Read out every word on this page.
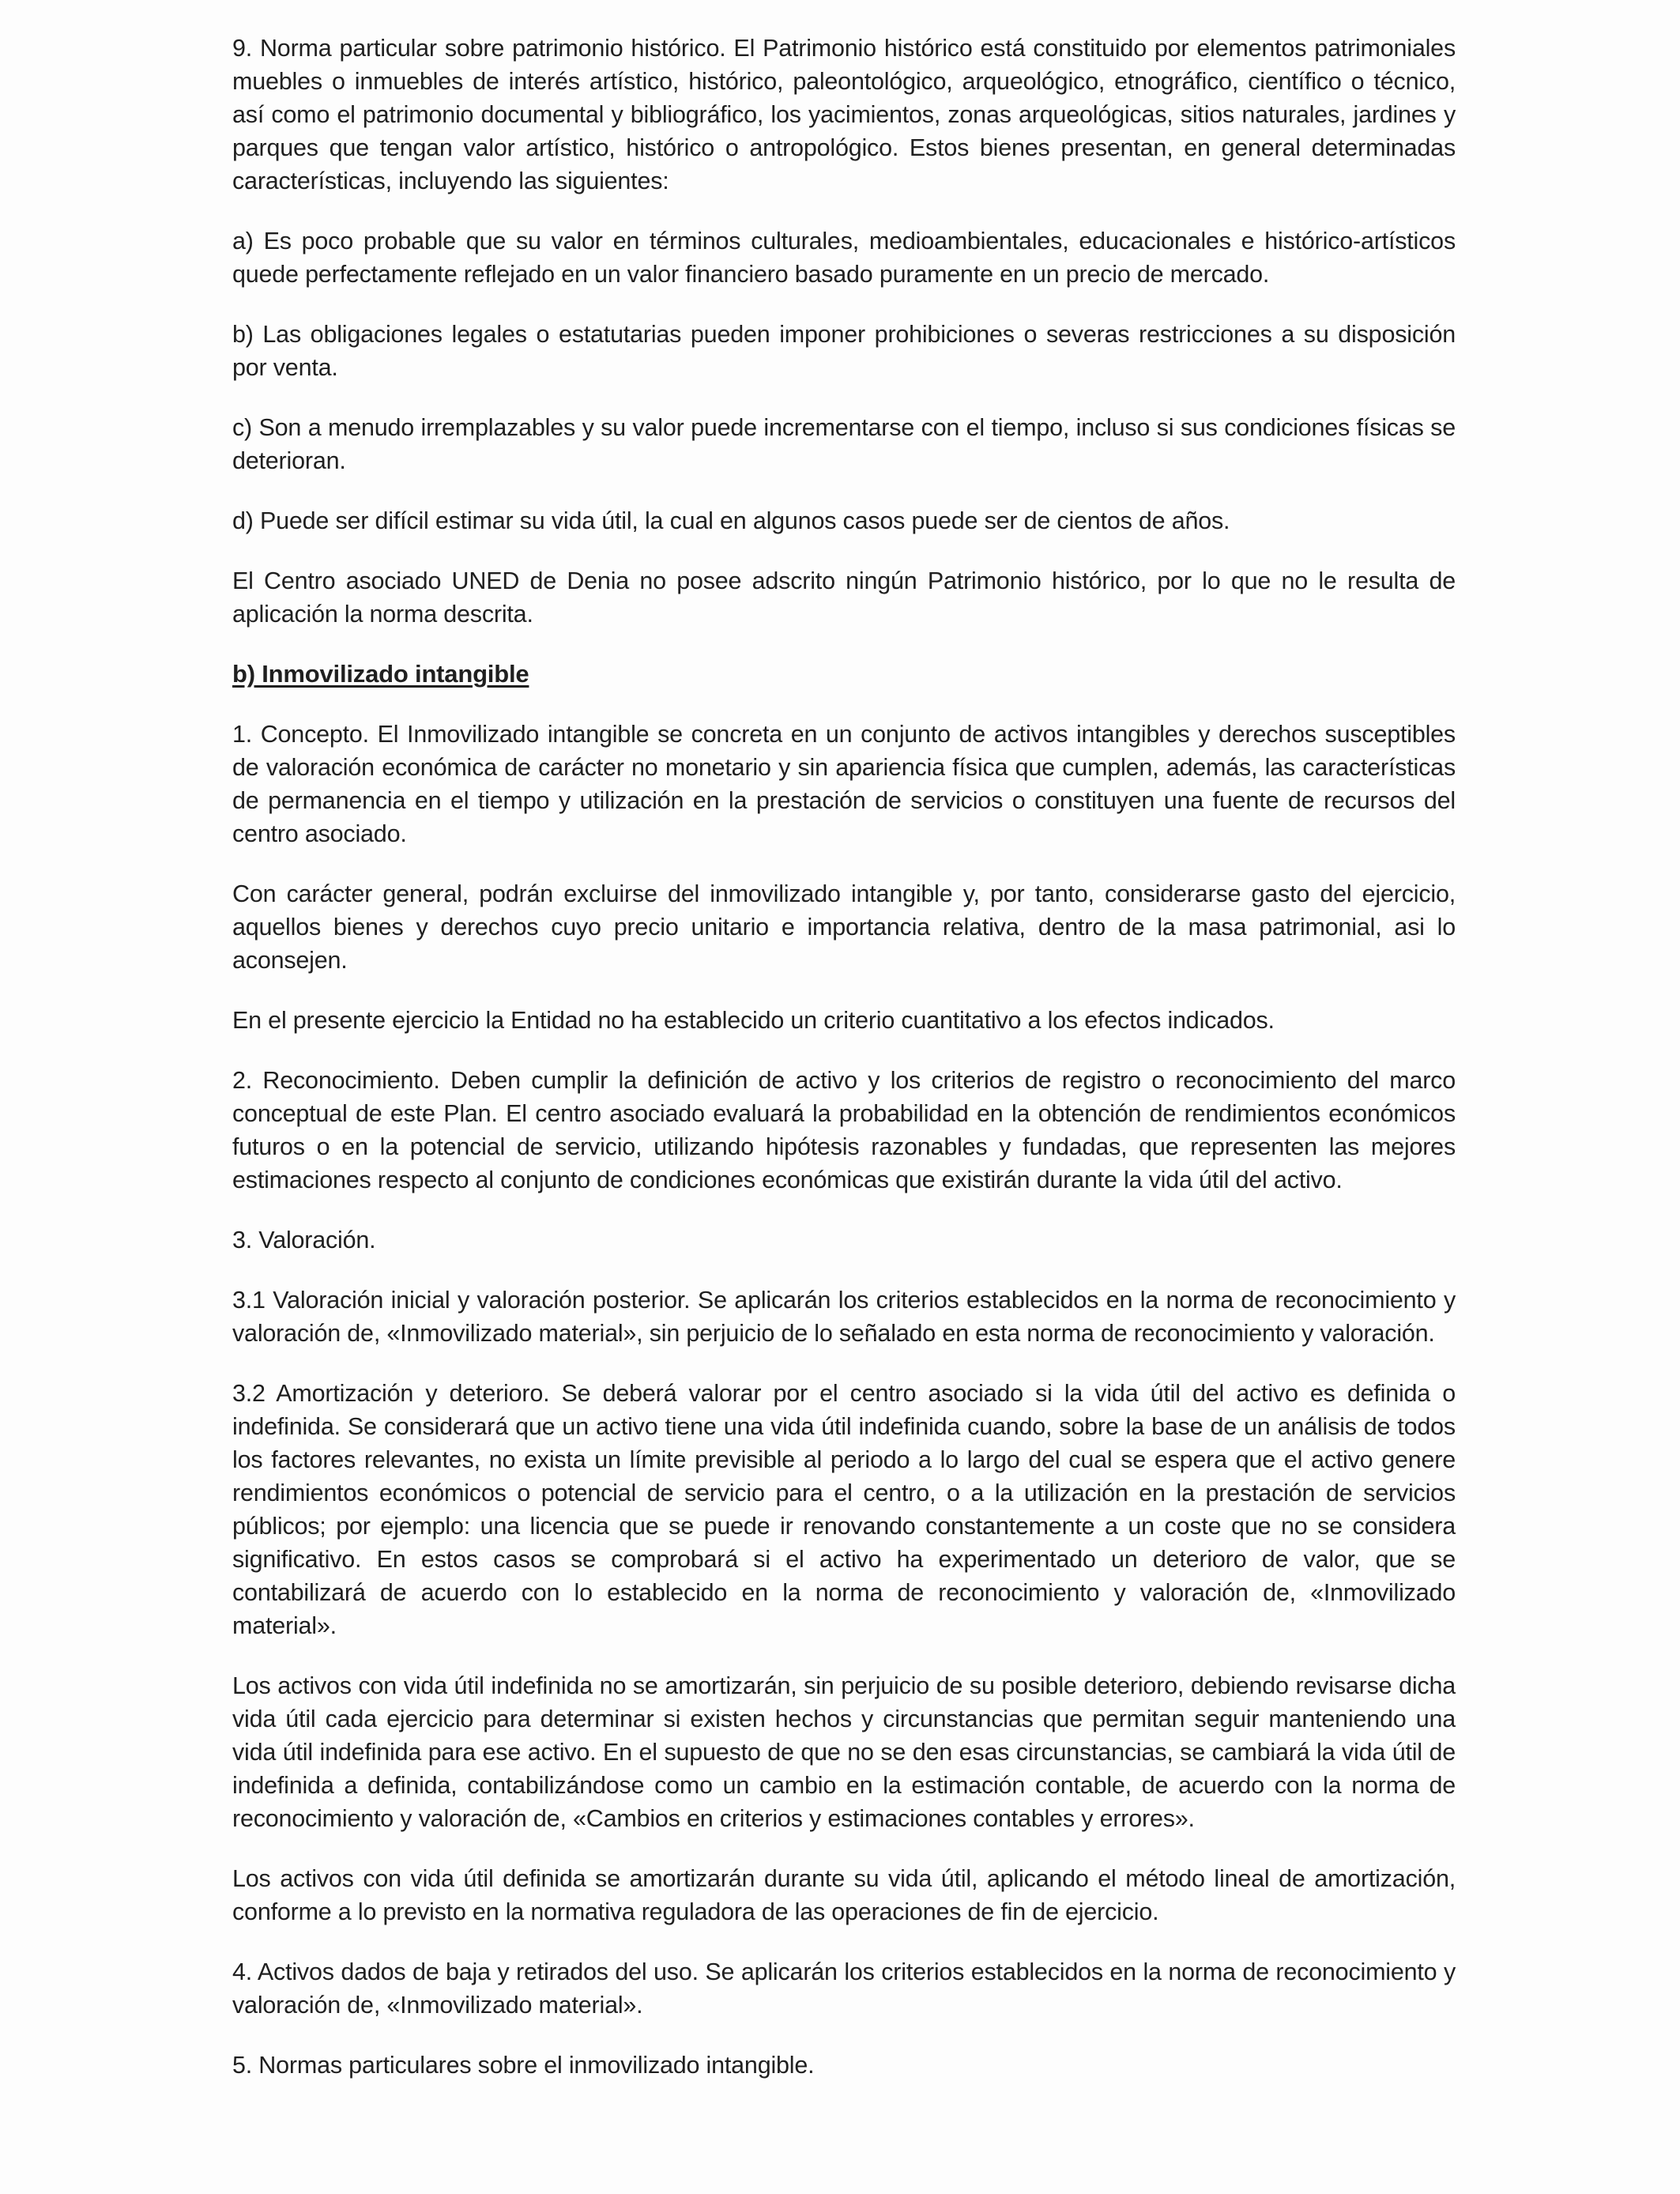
9. Norma particular sobre patrimonio histórico. El Patrimonio histórico está constituido por elementos patrimoniales muebles o inmuebles de interés artístico, histórico, paleontológico, arqueológico, etnográfico, científico o técnico, así como el patrimonio documental y bibliográfico, los yacimientos, zonas arqueológicas, sitios naturales, jardines y parques que tengan valor artístico, histórico o antropológico. Estos bienes presentan, en general determinadas características, incluyendo las siguientes:

a) Es poco probable que su valor en términos culturales, medioambientales, educacionales e histórico-artísticos quede perfectamente reflejado en un valor financiero basado puramente en un precio de mercado.

b) Las obligaciones legales o estatutarias pueden imponer prohibiciones o severas restricciones a su disposición por venta.

c) Son a menudo irremplazables y su valor puede incrementarse con el tiempo, incluso si sus condiciones físicas se deterioran.

d) Puede ser difícil estimar su vida útil, la cual en algunos casos puede ser de cientos de años.

El Centro asociado UNED de Denia no posee adscrito ningún Patrimonio histórico, por lo que no le resulta de aplicación la norma descrita.

b) Inmovilizado intangible

1. Concepto. El Inmovilizado intangible se concreta en un conjunto de activos intangibles y derechos susceptibles de valoración económica de carácter no monetario y sin apariencia física que cumplen, además, las características de permanencia en el tiempo y utilización en la prestación de servicios o constituyen una fuente de recursos del centro asociado.

Con carácter general, podrán excluirse del inmovilizado intangible y, por tanto, considerarse gasto del ejercicio, aquellos bienes y derechos cuyo precio unitario e importancia relativa, dentro de la masa patrimonial, asi lo aconsejen.

En el presente ejercicio la Entidad no ha establecido un criterio cuantitativo a los efectos indicados.

2. Reconocimiento. Deben cumplir la definición de activo y los criterios de registro o reconocimiento del marco conceptual de este Plan. El centro asociado evaluará la probabilidad en la obtención de rendimientos económicos futuros o en la potencial de servicio, utilizando hipótesis razonables y fundadas, que representen las mejores estimaciones respecto al conjunto de condiciones económicas que existirán durante la vida útil del activo.

3. Valoración.

3.1 Valoración inicial y valoración posterior. Se aplicarán los criterios establecidos en la norma de reconocimiento y valoración de, «Inmovilizado material», sin perjuicio de lo señalado en esta norma de reconocimiento y valoración.

3.2 Amortización y deterioro. Se deberá valorar por el centro asociado si la vida útil del activo es definida o indefinida. Se considerará que un activo tiene una vida útil indefinida cuando, sobre la base de un análisis de todos los factores relevantes, no exista un límite previsible al periodo a lo largo del cual se espera que el activo genere rendimientos económicos o potencial de servicio para el centro, o a la utilización en la prestación de servicios públicos; por ejemplo: una licencia que se puede ir renovando constantemente a un coste que no se considera significativo. En estos casos se comprobará si el activo ha experimentado un deterioro de valor, que se contabilizará de acuerdo con lo establecido en la norma de reconocimiento y valoración de, «Inmovilizado material».

Los activos con vida útil indefinida no se amortizarán, sin perjuicio de su posible deterioro, debiendo revisarse dicha vida útil cada ejercicio para determinar si existen hechos y circunstancias que permitan seguir manteniendo una vida útil indefinida para ese activo. En el supuesto de que no se den esas circunstancias, se cambiará la vida útil de indefinida a definida, contabilizándose como un cambio en la estimación contable, de acuerdo con la norma de reconocimiento y valoración de, «Cambios en criterios y estimaciones contables y errores».

Los activos con vida útil definida se amortizarán durante su vida útil, aplicando el método lineal de amortización, conforme a lo previsto en la normativa reguladora de las operaciones de fin de ejercicio.

4. Activos dados de baja y retirados del uso. Se aplicarán los criterios establecidos en la norma de reconocimiento y valoración de, «Inmovilizado material».

5. Normas particulares sobre el inmovilizado intangible.
